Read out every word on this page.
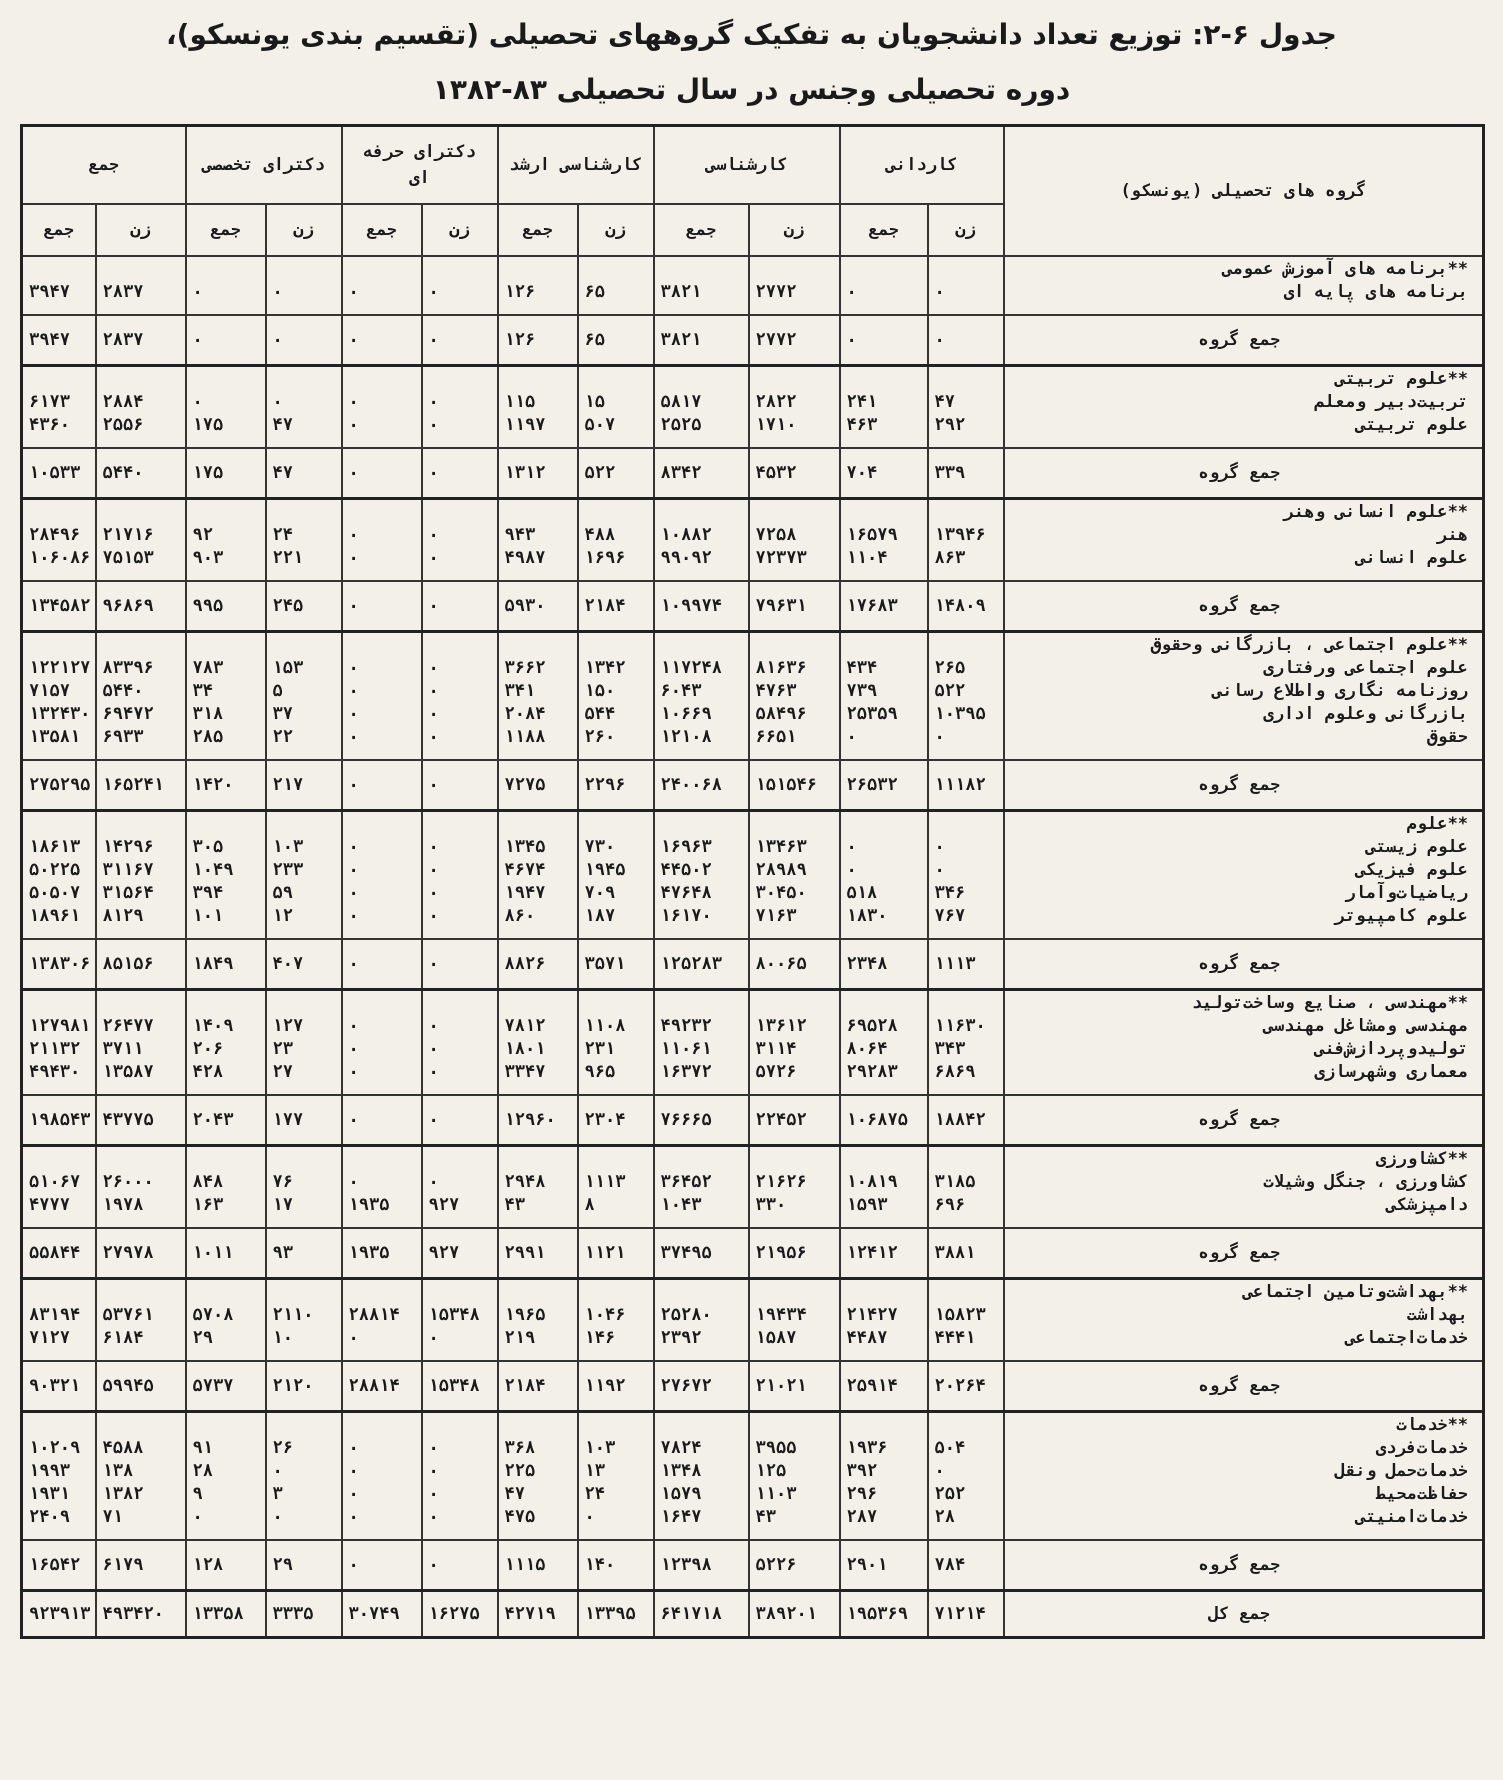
جدول ۶-۲: توزیع تعداد دانشجویان به تفکیک گروههای تحصیلی (تقسیم بندی یونسکو)،
دوره تحصیلی وجنس در سال تحصیلی ۸۳-۱۳۸۲
گروه های تحصیلی (یونسکو)	کاردانی		کارشناسی		کارشناسی ارشد		دکترای حرفه ای		دکترای تخصصی		جمع	
	زن	جمع	زن	جمع	زن	جمع	زن	جمع	زن	جمع	زن	جمع
**برنامه های آموزش عمومی												
برنامه های پایه ای	۰	۰	۲۷۷۲	۳۸۲۱	۶۵	۱۲۶	۰	۰	۰	۰	۲۸۳۷	۳۹۴۷

جمع گروه	۰	۰	۲۷۷۲	۳۸۲۱	۶۵	۱۲۶	۰	۰	۰	۰	۲۸۳۷	۳۹۴۷
**علوم تربیتی												
تربیت‌دبیر ومعلم	۴۷	۲۴۱	۲۸۲۲	۵۸۱۷	۱۵	۱۱۵	۰	۰	۰	۰	۲۸۸۴	۶۱۷۳
علوم تربیتی	۲۹۲	۴۶۳	۱۷۱۰	۲۵۲۵	۵۰۷	۱۱۹۷	۰	۰	۴۷	۱۷۵	۲۵۵۶	۴۳۶۰

جمع گروه	۳۳۹	۷۰۴	۴۵۳۲	۸۳۴۲	۵۲۲	۱۳۱۲	۰	۰	۴۷	۱۷۵	۵۴۴۰	۱۰۵۳۳
**علوم انسانی وهنر												
هنر	۱۳۹۴۶	۱۶۵۷۹	۷۲۵۸	۱۰۸۸۲	۴۸۸	۹۴۳	۰	۰	۲۴	۹۲	۲۱۷۱۶	۲۸۴۹۶
علوم انسانی	۸۶۳	۱۱۰۴	۷۲۳۷۳	۹۹۰۹۲	۱۶۹۶	۴۹۸۷	۰	۰	۲۲۱	۹۰۳	۷۵۱۵۳	۱۰۶۰۸۶

جمع گروه	۱۴۸۰۹	۱۷۶۸۳	۷۹۶۳۱	۱۰۹۹۷۴	۲۱۸۴	۵۹۳۰	۰	۰	۲۴۵	۹۹۵	۹۶۸۶۹	۱۳۴۵۸۲
**علوم اجتماعی ، بازرگانی وحقوق												
علوم اجتماعی ورفتاری	۲۶۵	۴۳۴	۸۱۶۳۶	۱۱۷۲۴۸	۱۳۴۲	۳۶۶۲	۰	۰	۱۵۳	۷۸۳	۸۳۳۹۶	۱۲۲۱۲۷
روزنامه نگاری واطلاع رسانی	۵۲۲	۷۳۹	۴۷۶۳	۶۰۴۳	۱۵۰	۳۴۱	۰	۰	۵	۳۴	۵۴۴۰	۷۱۵۷
بازرگانی وعلوم اداری	۱۰۳۹۵	۲۵۳۵۹	۵۸۴۹۶	۱۰۶۶۹	۵۴۴	۲۰۸۴	۰	۰	۳۷	۳۱۸	۶۹۴۷۲	۱۳۲۴۳۰
حقوق	۰	۰	۶۶۵۱	۱۲۱۰۸	۲۶۰	۱۱۸۸	۰	۰	۲۲	۲۸۵	۶۹۳۳	۱۳۵۸۱

جمع گروه	۱۱۱۸۲	۲۶۵۳۲	۱۵۱۵۴۶	۲۴۰۰۶۸	۲۲۹۶	۷۲۷۵	۰	۰	۲۱۷	۱۴۲۰	۱۶۵۲۴۱	۲۷۵۲۹۵
**علوم												
علوم زیستی	۰	۰	۱۳۴۶۳	۱۶۹۶۳	۷۳۰	۱۳۴۵	۰	۰	۱۰۳	۳۰۵	۱۴۲۹۶	۱۸۶۱۳
علوم فیزیکی	۰	۰	۲۸۹۸۹	۴۴۵۰۲	۱۹۴۵	۴۶۷۴	۰	۰	۲۳۳	۱۰۴۹	۳۱۱۶۷	۵۰۲۲۵
ریاضیات‌وآمار	۳۴۶	۵۱۸	۳۰۴۵۰	۴۷۶۴۸	۷۰۹	۱۹۴۷	۰	۰	۵۹	۳۹۴	۳۱۵۶۴	۵۰۵۰۷
علوم کامپیوتر	۷۶۷	۱۸۳۰	۷۱۶۳	۱۶۱۷۰	۱۸۷	۸۶۰	۰	۰	۱۲	۱۰۱	۸۱۲۹	۱۸۹۶۱

جمع گروه	۱۱۱۳	۲۳۴۸	۸۰۰۶۵	۱۲۵۲۸۳	۳۵۷۱	۸۸۲۶	۰	۰	۴۰۷	۱۸۴۹	۸۵۱۵۶	۱۳۸۳۰۶
**مهندسی ، صنایع وساخت‌تولید												
مهندسی ومشاغل مهندسی	۱۱۶۳۰	۶۹۵۲۸	۱۳۶۱۲	۴۹۲۳۲	۱۱۰۸	۷۸۱۲	۰	۰	۱۲۷	۱۴۰۹	۲۶۴۷۷	۱۲۷۹۸۱
تولیدوپردازش‌فنی	۳۴۳	۸۰۶۴	۳۱۱۴	۱۱۰۶۱	۲۳۱	۱۸۰۱	۰	۰	۲۳	۲۰۶	۳۷۱۱	۲۱۱۳۲
معماری وشهرسازی	۶۸۶۹	۲۹۲۸۳	۵۷۲۶	۱۶۳۷۲	۹۶۵	۳۳۴۷	۰	۰	۲۷	۴۲۸	۱۳۵۸۷	۴۹۴۳۰

جمع گروه	۱۸۸۴۲	۱۰۶۸۷۵	۲۲۴۵۲	۷۶۶۶۵	۲۳۰۴	۱۲۹۶۰	۰	۰	۱۷۷	۲۰۴۳	۴۳۷۷۵	۱۹۸۵۴۳
**کشاورزی												
کشاورزی ، جنگل وشیلات	۳۱۸۵	۱۰۸۱۹	۲۱۶۲۶	۳۶۴۵۲	۱۱۱۳	۲۹۴۸	۰	۰	۷۶	۸۴۸	۲۶۰۰۰	۵۱۰۶۷
دامپزشکی	۶۹۶	۱۵۹۳	۳۳۰	۱۰۴۳	۸	۴۳	۹۲۷	۱۹۳۵	۱۷	۱۶۳	۱۹۷۸	۴۷۷۷

جمع گروه	۳۸۸۱	۱۲۴۱۲	۲۱۹۵۶	۳۷۴۹۵	۱۱۲۱	۲۹۹۱	۹۲۷	۱۹۳۵	۹۳	۱۰۱۱	۲۷۹۷۸	۵۵۸۴۴
**بهداشت‌وتامین اجتماعی												
بهداشت	۱۵۸۲۳	۲۱۴۲۷	۱۹۴۳۴	۲۵۲۸۰	۱۰۴۶	۱۹۶۵	۱۵۳۴۸	۲۸۸۱۴	۲۱۱۰	۵۷۰۸	۵۳۷۶۱	۸۳۱۹۴
خدمات‌اجتماعی	۴۴۴۱	۴۴۸۷	۱۵۸۷	۲۳۹۲	۱۴۶	۲۱۹	۰	۰	۱۰	۲۹	۶۱۸۴	۷۱۲۷

جمع گروه	۲۰۲۶۴	۲۵۹۱۴	۲۱۰۲۱	۲۷۶۷۲	۱۱۹۲	۲۱۸۴	۱۵۳۴۸	۲۸۸۱۴	۲۱۲۰	۵۷۳۷	۵۹۹۴۵	۹۰۳۲۱
**خدمات												
خدمات‌فردی	۵۰۴	۱۹۳۶	۳۹۵۵	۷۸۲۴	۱۰۳	۳۶۸	۰	۰	۲۶	۹۱	۴۵۸۸	۱۰۲۰۹
خدمات‌حمل ونقل	۰	۳۹۲	۱۲۵	۱۳۴۸	۱۳	۲۲۵	۰	۰	۰	۲۸	۱۳۸	۱۹۹۳
حفاظت‌محیط	۲۵۲	۲۹۶	۱۱۰۳	۱۵۷۹	۲۴	۴۷	۰	۰	۳	۹	۱۳۸۲	۱۹۳۱
خدمات‌امنیتی	۲۸	۲۸۷	۴۳	۱۶۴۷	۰	۴۷۵	۰	۰	۰	۰	۷۱	۲۴۰۹

جمع گروه	۷۸۴	۲۹۰۱	۵۲۲۶	۱۲۳۹۸	۱۴۰	۱۱۱۵	۰	۰	۲۹	۱۲۸	۶۱۷۹	۱۶۵۴۲
جمع کل	۷۱۲۱۴	۱۹۵۳۶۹	۳۸۹۲۰۱	۶۴۱۷۱۸	۱۳۳۹۵	۴۲۷۱۹	۱۶۲۷۵	۳۰۷۴۹	۳۳۳۵	۱۳۳۵۸	۴۹۳۴۲۰	۹۲۳۹۱۳
